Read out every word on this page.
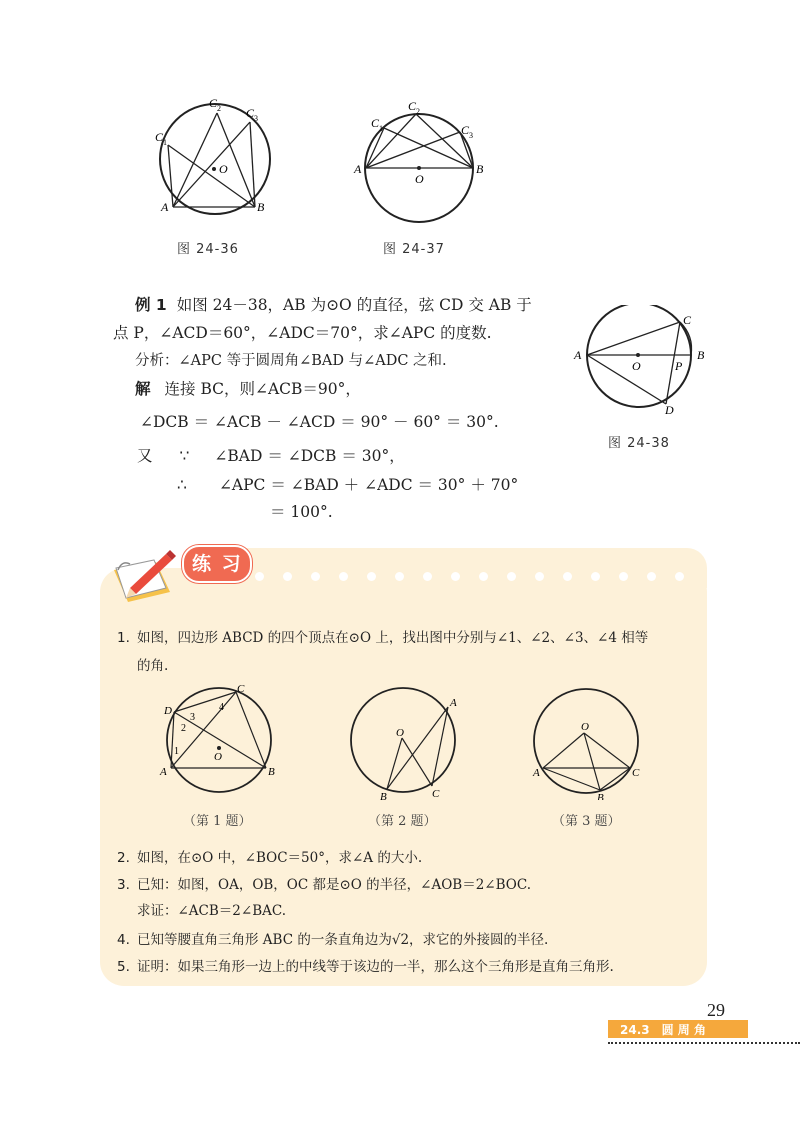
C 1
C 2 C 3
A	B
O
图 24-36
C 1
C 2
C 3
A	B
O
图 24-37
例 1 如图 24－38，AB 为⊙O 的直径，弦 CD 交 AB 于
点 P，∠ACD＝60°，∠ADC＝70°，求∠APC 的度数.
分析：∠APC 等于圆周角∠BAD 与∠ADC 之和.
解 连接 BC，则∠ACB＝90°，
∠DCB ＝ ∠ACB － ∠ACD ＝ 90° － 60° ＝ 30°.
又 ∵ ∠BAD ＝ ∠DCB ＝ 30°，
∴ ∠APC ＝ ∠BAD ＋ ∠ADC ＝ 30° ＋ 70°
＝ 100°.
A	B
C
D
O	P
图 24-38
练 习
1. 如图，四边形 ABCD 的四个顶点在⊙O 上，找出图中分别与∠1、∠2、∠3、∠4 相等
的角.
A	B
C
D
O
1
2
3
4
（第 1 题）
A
B	C
O
（第 2 题）
A
B
C
O
（第 3 题）
2. 如图，在⊙O 中，∠BOC＝50°，求∠A 的大小.
3. 已知：如图，OA，OB，OC 都是⊙O 的半径，∠AOB＝2∠BOC.
求证：∠ACB＝2∠BAC.
4. 已知等腰直角三角形 ABC 的一条直角边为√2，求它的外接圆的半径.
5. 证明：如果三角形一边上的中线等于该边的一半，那么这个三角形是直角三角形.
29
24.3　圆 周 角
